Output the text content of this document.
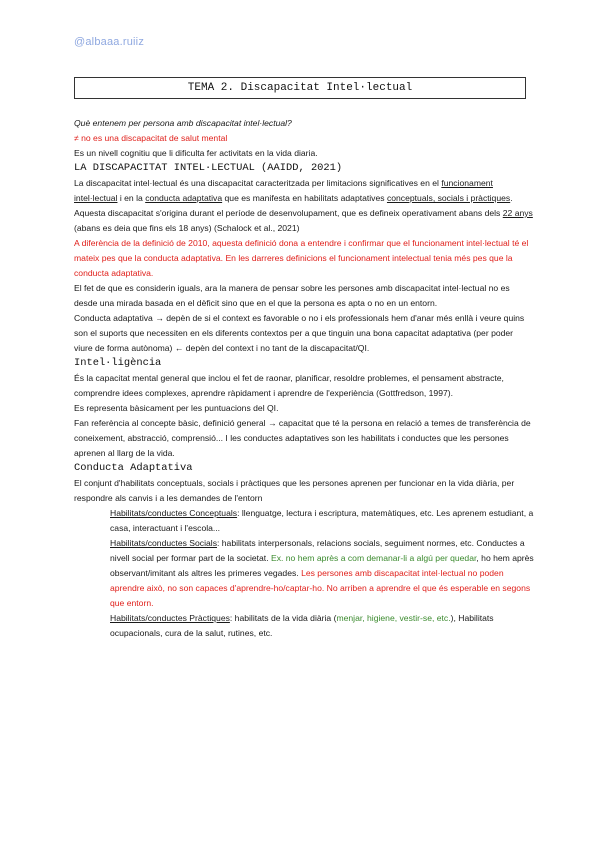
@albaaa.ruiiz
TEMA 2. Discapacitat Intel·lectual

Què entenem per persona amb discapacitat intel·lectual?

≠ no es una discapacitat de salut mental

Es un nivell cognitiu que li dificulta fer activitats en la vida diaria.

LA DISCAPACITAT INTEL·LECTUAL (AAIDD, 2021)

La discapacitat intel·lectual és una discapacitat caracteritzada per limitacions significatives en el funcionament intel·lectual i en la conducta adaptativa que es manifesta en habilitats adaptatives conceptuals, socials i pràctiques. Aquesta discapacitat s'origina durant el període de desenvolupament, que es defineix operativament abans dels 22 anys (abans es deia que fins els 18 anys) (Schalock et al., 2021)

A diferència de la definició de 2010, aquesta definició dona a entendre i confirmar que el funcionament intel·lectual té el mateix pes que la conducta adaptativa. En les darreres definicions el funcionament intelectual tenia més pes que la conducta adaptativa.

El fet de que es considerin iguals, ara la manera de pensar sobre les persones amb discapacitat intel·lectual no es desde una mirada basada en el dèficit sino que en el que la persona es apta o no en un entorn.

Conducta adaptativa → depèn de si el context es favorable o no i els professionals hem d'anar més enllà i veure quins son el suports que necessiten en els diferents contextos per a que tinguin una bona capacitat adaptativa (per poder viure de forma autònoma) ← depèn del context i no tant de la discapacitat/QI.

Intel·ligència

És la capacitat mental general que inclou el fet de raonar, planificar, resoldre problemes, el pensament abstracte, comprendre idees complexes, aprendre ràpidament i aprendre de l'experiència (Gottfredson, 1997).

Es representa bàsicament per les puntuacions del QI.

Fan referència al concepte bàsic, definició general → capacitat que té la persona en relació a temes de transferència de coneixement, abstracció, comprensió... I les conductes adaptatives son les habilitats i conductes que les persones aprenen al llarg de la vida.

Conducta Adaptativa

El conjunt d'habilitats conceptuals, socials i pràctiques que les persones aprenen per funcionar en la vida diària, per respondre als canvis i a les demandes de l'entorn

Habilitats/conductes Conceptuals: llenguatge, lectura i escriptura, matemàtiques, etc. Les aprenem estudiant, a casa, interactuant i l'escola...

Habilitats/conductes Socials: habilitats interpersonals, relacions socials, seguiment normes, etc. Conductes a nivell social per formar part de la societat. Ex. no hem après a com demanar-li a algú per quedar, ho hem après observant/imitant als altres les primeres vegades. Les persones amb discapacitat intel·lectual no poden aprendre això, no son capaces d'aprendre-ho/captar-ho. No arriben a aprendre el que és esperable en segons que entorn.

Habilitats/conductes Pràctiques: habilitats de la vida diària (menjar, higiene, vestir-se, etc.), Habilitats ocupacionals, cura de la salut, rutines, etc.
